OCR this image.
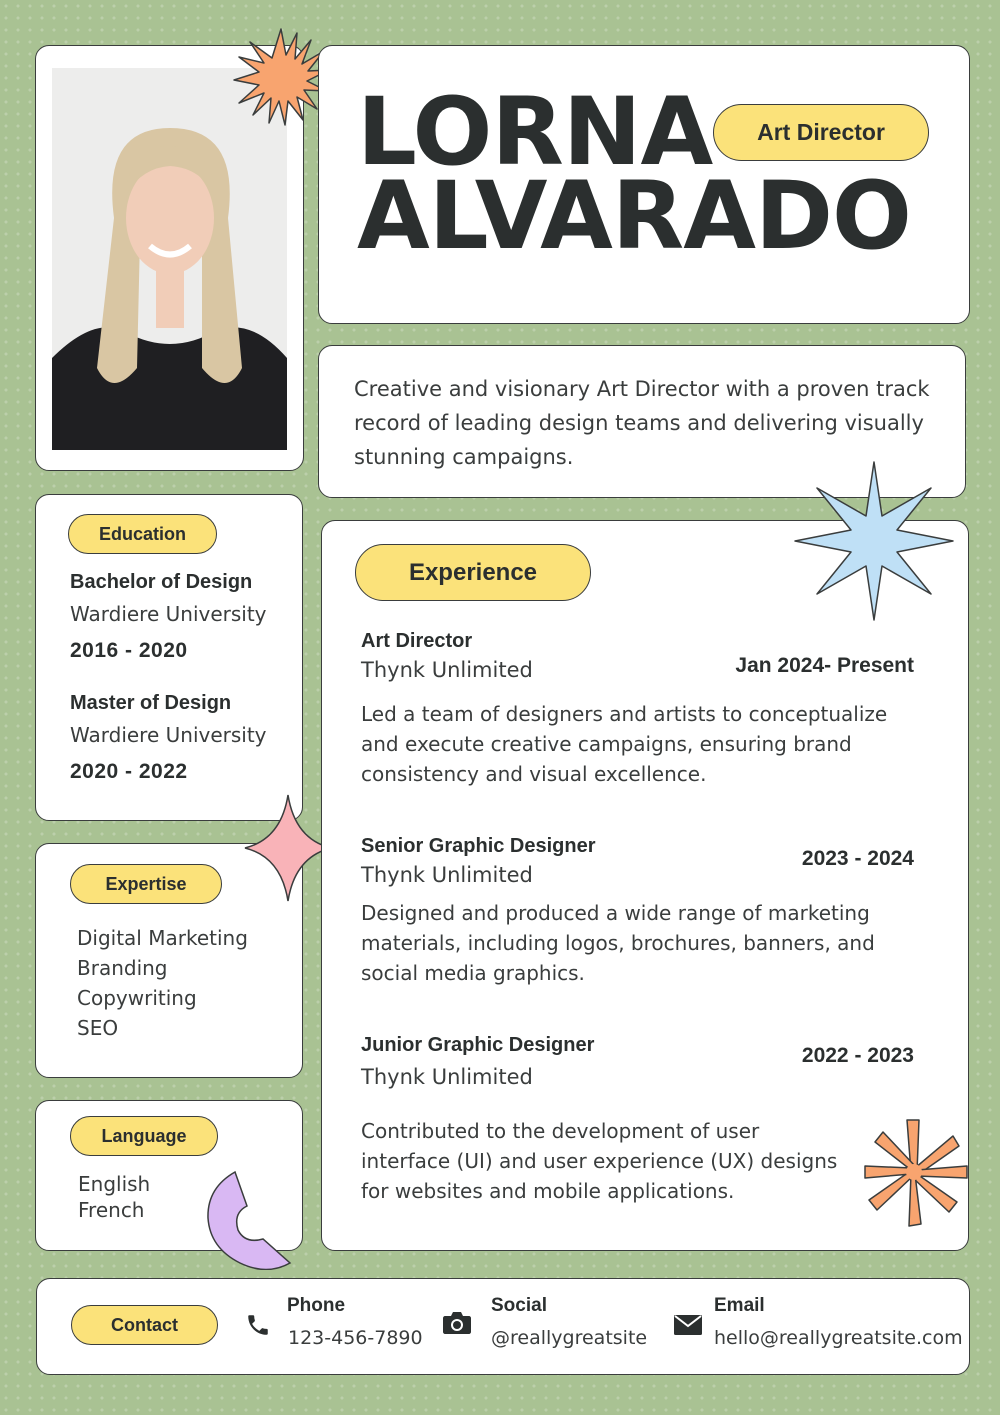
LORNA
ALVARADO
Art Director
Creative and visionary Art Director with a proven track record of leading design teams and delivering visually stunning campaigns.
Education
Bachelor of Design
Wardiere University
2016 - 2020
Master of Design
Wardiere University
2020 - 2022
Expertise
Digital Marketing
Branding
Copywriting
SEO
Language
English
French
Experience
Art Director
Thynk Unlimited	Jan 2024- Present
Led a team of designers and artists to conceptualize and execute creative campaigns, ensuring brand consistency and visual excellence.
Senior Graphic Designer
Thynk Unlimited
2023 - 2024
Designed and produced a wide range of marketing materials, including logos, brochures, banners, and social media graphics.
Junior Graphic Designer
Thynk Unlimited
2022 - 2023
Contributed to the development of user interface (UI) and user experience (UX) designs for websites and mobile applications.
Contact
Phone
123-456-7890
Social
@reallygreatsite
Email
hello@reallygreatsite.com
